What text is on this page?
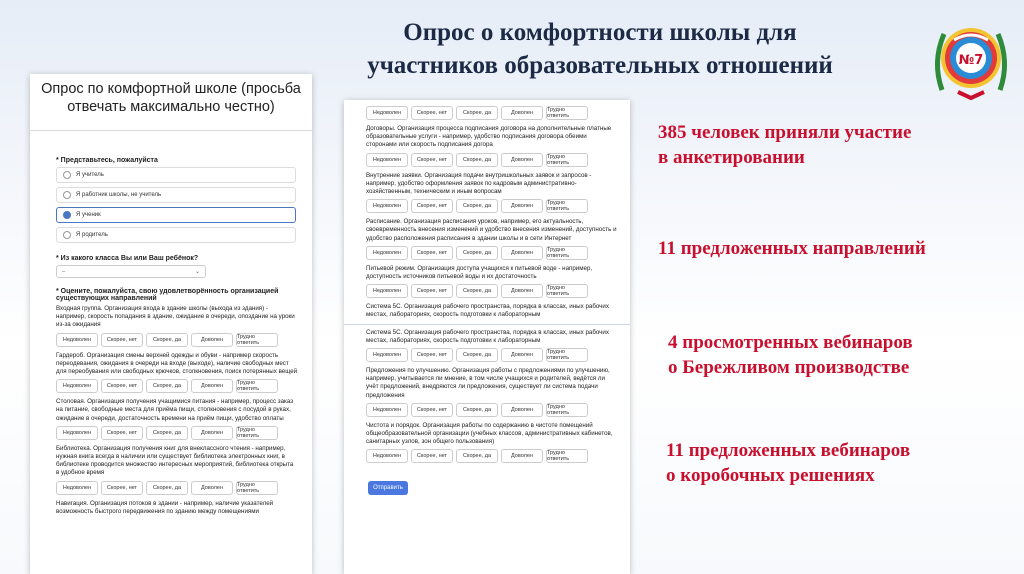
Опрос о комфортности школы для
участников образовательных отношений	№7
385 человек приняли участие
в анкетировании
11 предложенных направлений
4 просмотренных вебинаров
о Бережливом производстве
11 предложенных вебинаров
о коробочных решениях
Опрос по комфортной школе (просьба отвечать максимально честно)
* Представьтесь, пожалуйста
Я учитель
Я работник школы, не учитель
Я ученик
Я родитель
* Из какого класса Вы или Ваш ребёнок?
–	⌄
* Оцените, пожалуйста, свою удовлетворённость организацией существующих направлений
Входная группа. Организация входа в здание школы (выхода из здания) - например, скорость попадания в здание, ожидание в очереди, опоздание на уроки из-за ожидания
Недоволен	Скорее, нет	Скорее, да	Доволен	Трудно ответить
Гардероб. Организация смены верхней одежды и обуви - например скорость переодевания, ожидания в очереди на входе (выходе), наличие свободных мест для переобувания или свободных крючков, столкновения, поиск потерянных вещей
Недоволен	Скорее, нет	Скорее, да	Доволен	Трудно ответить
Столовая. Организация получения учащимися питания - например, процесс заказ на питание, свободные места для приёма пищи, столкновения с посудой в руках, ожидание в очереди, достаточность времени на приём пищи, удобство оплаты
Недоволен	Скорее, нет	Скорее, да	Доволен	Трудно ответить
Библиотека. Организация получения книг для внеклассного чтения - например, нужная книга всегда в наличии или существует библиотека электронных книг, в библиотеке проводится множество интересных мероприятий, библиотека открыта в удобное время
Недоволен	Скорее, нет	Скорее, да	Доволен	Трудно ответить
Навигация. Организация потоков в здании - например, наличие указателей возможность быстрого передвижения по зданию между помещениями
Недоволен	Скорее, нет	Скорее, да	Доволен	Трудно ответить
Договоры. Организация процесса подписания договора на дополнительные платные образовательные услуги - например, удобство подписания договора обеими сторонами или скорость подписания догора
Недоволен	Скорее, нет	Скорее, да	Доволен	Трудно ответить
Внутренние заявки. Организация подачи внутришкольных заявок и запросов - например, удобство оформления заявок по кадровым административно-хозяйственным, техническим и иным вопросам
Недоволен	Скорее, нет	Скорее, да	Доволен	Трудно ответить
Расписание. Организация расписания уроков, например, его актуальность, своевременность внесения изменений и удобство внесения изменений, доступность и удобство расположения расписания в здании школы и в сети Интернет
Недоволен	Скорее, нет	Скорее, да	Доволен	Трудно ответить
Питьевой режим. Организация доступа учащихся к питьевой воде - например, доступность источников питьевой воды и их достаточность
Недоволен	Скорее, нет	Скорее, да	Доволен	Трудно ответить
Система 5С. Организация рабочего пространства, порядка в классах, иных рабочих местах, лабораториях, скорость подготовки к лабораторным
Система 5С. Организация рабочего пространства, порядка в классах, иных рабочих местах, лабораториях, скорость подготовки к лабораторным
Недоволен	Скорее, нет	Скорее, да	Доволен	Трудно ответить
Предложения по улучшению. Организация работы с предложениями по улучшению, например, учитывается ли мнение, в том числе учащихся и родителей, ведётся ли учёт предложений, внедряются ли предложения, существует ли система подачи предложения
Недоволен	Скорее, нет	Скорее, да	Доволен	Трудно ответить
Чистота и порядок. Организация работы по содержанию в чистоте помещений общеобразовательной организации (учебных классов, административных кабинетов, санитарных узлов, зон общего пользования)
Недоволен	Скорее, нет	Скорее, да	Доволен	Трудно ответить
Отправить
